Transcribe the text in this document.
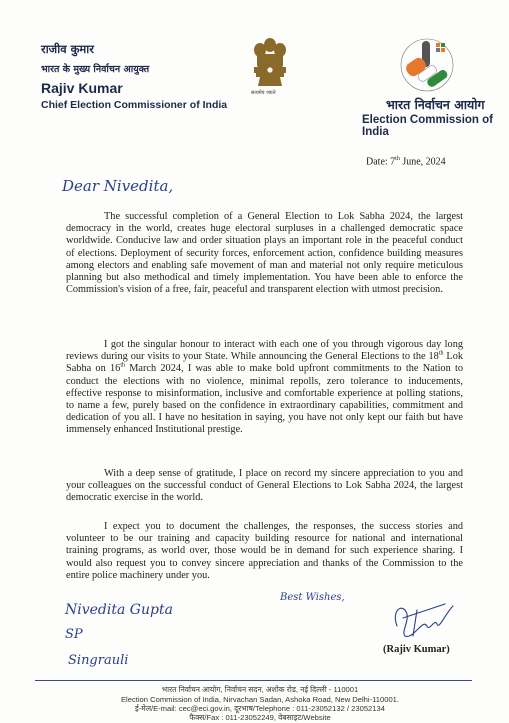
राजीव कुमार
भारत के मुख्य निर्वाचन आयुक्त
Rajiv Kumar
Chief Election Commissioner of India
सत्यमेव जयते
भारत निर्वाचन आयोग
Election Commission of India
Date: 7th June, 2024
Dear Nivedita,

The successful completion of a General Election to Lok Sabha 2024, the largest democracy in the world, creates huge electoral surpluses in a challenged democratic space worldwide. Conducive law and order situation plays an important role in the peaceful conduct of elections. Deployment of security forces, enforcement action, confidence building measures among electors and enabling safe movement of man and material not only require meticulous planning but also methodical and timely implementation. You have been able to enforce the Commission's vision of a free, fair, peaceful and transparent election with utmost precision.

I got the singular honour to interact with each one of you through vigorous day long reviews during our visits to your State. While announcing the General Elections to the 18th Lok Sabha on 16th March 2024, I was able to make bold upfront commitments to the Nation to conduct the elections with no violence, minimal repolls, zero tolerance to inducements, effective response to misinformation, inclusive and comfortable experience at polling stations, to name a few, purely based on the confidence in extraordinary capabilities, commitment and dedication of you all. I have no hesitation in saying, you have not only kept our faith but have immensely enhanced Institutional prestige.

With a deep sense of gratitude, I place on record my sincere appreciation to you and your colleagues on the successful conduct of General Elections to Lok Sabha 2024, the largest democratic exercise in the world.

I expect you to document the challenges, the responses, the success stories and volunteer to be our training and capacity building resource for national and international training programs, as world over, those would be in demand for such experience sharing. I would also request you to convey sincere appreciation and thanks of the Commission to the entire police machinery under you.

Best Wishes,
Nivedita Gupta
SP
Singrauli
(Rajiv Kumar)
भारत निर्वाचन आयोग, निर्वाचन सदन, अशोक रोड, नई दिल्ली - 110001
Election Commission of India, Nirvachan Sadan, Ashoka Road, New Delhi-110001.
ई-मेल/E-mail: cec@eci.gov.in, दूरभाष/Telephone : 011-23052132 / 23052134
फैक्स/Fax : 011-23052249, वेबसाइट/Website
